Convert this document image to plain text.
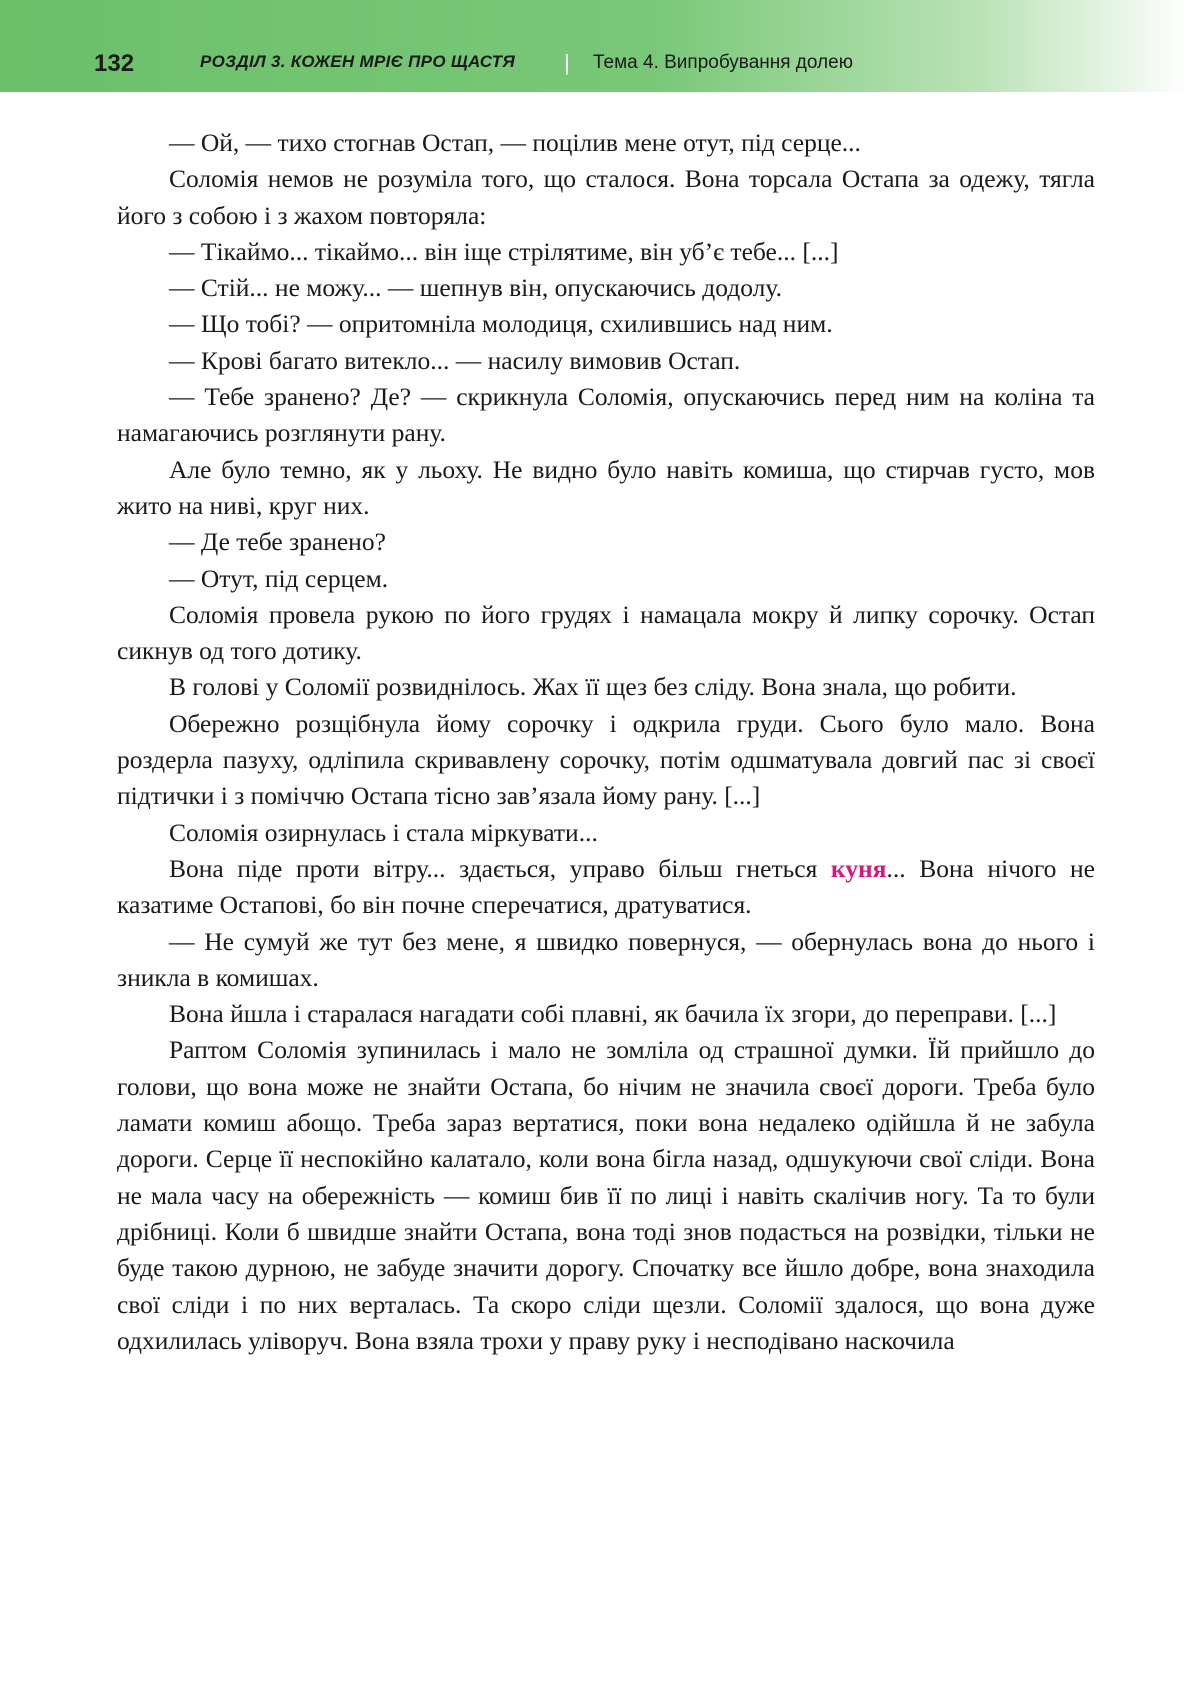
132	РОЗДІЛ 3. КОЖЕН МРІЄ ПРО ЩАСТЯ | Тема 4. Випробування долею

— Ой, — тихо стогнав Остап, — поцілив мене отут, під серце...

Соломія немов не розуміла того, що сталося. Вона торсала Остапа за одежу, тягла його з собою і з жахом повторяла:

— Тікаймо... тікаймо... він іще стрілятиме, він уб’є тебе... [...]

— Стій... не можу... — шепнув він, опускаючись додолу.

— Що тобі? — опритомніла молодиця, схилившись над ним.

— Крові багато витекло... — насилу вимовив Остап.

— Тебе зранено? Де? — скрикнула Соломія, опускаючись перед ним на коліна та намагаючись розглянути рану.

Але було темно, як у льоху. Не видно було навіть комиша, що стирчав густо, мов жито на ниві, круг них.

— Де тебе зранено?

— Отут, під серцем.

Соломія провела рукою по його грудях і намацала мокру й липку сорочку. Остап сикнув од того дотику.

В голові у Соломії розвиднілось. Жах її щез без сліду. Вона знала, що робити.

Обережно розщібнула йому сорочку і одкрила груди. Сього було мало. Вона роздерла пазуху, одліпила скривавлену сорочку, потім одшматувала довгий пас зі своєї підтички і з поміччю Остапа тісно зав’язала йому рану. [...]

Соломія озирнулась і стала міркувати...

Вона піде проти вітру... здається, управо більш гнеться куня... Вона нічого не казатиме Остапові, бо він почне сперечатися, дратуватися.

— Не сумуй же тут без мене, я швидко повернуся, — обернулась вона до нього і зникла в комишах.

Вона йшла і старалася нагадати собі плавні, як бачила їх згори, до переправи. [...]

Раптом Соломія зупинилась і мало не зомліла од страшної думки. Їй прийшло до голови, що вона може не знайти Остапа, бо нічим не значила своєї дороги. Треба було ламати комиш абощо. Треба зараз вертатися, поки вона недалеко одійшла й не забула дороги. Серце її неспокійно калатало, коли вона бігла назад, одшукуючи свої сліди. Вона не мала часу на обережність — комиш бив її по лиці і навіть скалічив ногу. Та то були дрібниці. Коли б швидше знайти Остапа, вона тоді знов подасться на розвідки, тільки не буде такою дурною, не забуде значити дорогу. Спочатку все йшло добре, вона знаходила свої сліди і по них верталась. Та скоро сліди щезли. Соломії здалося, що вона дуже одхилилась уліворуч. Вона взяла трохи у праву руку і несподівано наскочила
